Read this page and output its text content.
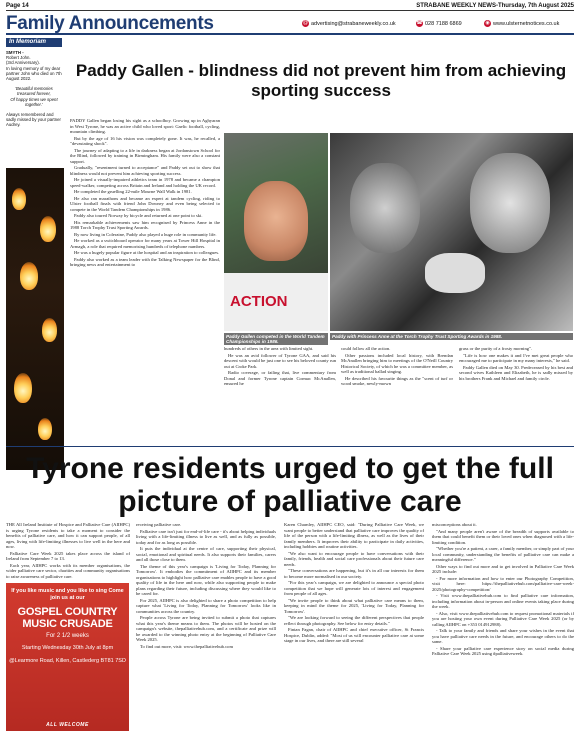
Page 14	STRABANE WEEKLY NEWS-Thursday, 7th August 2025
Family Announcements	@ advertising@strabaneweekly.co.uk	☎ 028 7188 6869	◉ www.ulsternetnotices.co.uk
In Memoriam
SMYTH -
Robert John.
(3rd Anniversary).
In loving memory of my dear partner John who died on 7th August 2022.
'Beautiful memories treasured forever,
Of happy times we spent together.'
Always remembered and sadly missed by your partner Audrey.
Paddy Gallen - blindness did not prevent him from achieving sporting success

PADDY Gallen began losing his sight as a schoolboy. Growing up in Aghyaran in West Tyrone, he was an active child who loved sport: Gaelic football, cycling, mountain climbing.

But by the age of 16 his vision was completely gone. It was, he recalled, a "devastating shock".

The journey of adapting to a life in darkness began at Jordanstown School for the Blind, followed by training in Birmingham. His family were also a constant support.

Gradually, "resentment turned to acceptance" and Paddy set out to show that blindness would not prevent him achieving sporting success.

He joined a visually-impaired athletics team in 1978 and became a champion speed-walker, competing across Britain and Ireland and holding the UK record.

He completed the gruelling 22-mile Mourne Wall Walk in 1981.

He also ran marathons and became an expert at tandem cycling, riding to Ulster football finals with friend John Downey and even being selected to compete in the World Tandem Championships in 1986.

Paddy also toured Norway by bicycle and returned at one point to ski.

His remarkable achievements saw him recognised by Princess Anne in the 1988 Torch Trophy Trust Sporting Awards.

By now living in Coleraine, Paddy also played a huge role in community life.

He worked as a switchboard operator for many years at Tower Hill Hospital in Armagh, a role that required memorising hundreds of telephone numbers.

He was a hugely popular figure at the hospital and an inspiration to colleagues.

Paddy also worked as a team leader with the Talking Newspaper for the Blind, bringing news and entertainment to

ACTION
Paddy Gallen competed in the World Tandem Championships in 1986.
Paddy with Princess Anne at the Torch Trophy Trust Sporting Awards in 1988.

hundreds of others in the area with limited sight.

He was an avid follower of Tyrone GAA, and said his descent with would be just one to see his beloved county run out at Croke Park.

Radio coverage, or failing that, live commentary from Donal and former Tyrone captain Cormac McAnallen, ensured he

could follow all the action.

Other passions included local history, with Brendan McAnallen bringing him to meetings of the O'Neill Country Historical Society, of which he was a committee member, as well as traditional ballad singing.

He described his favourite things as the "scent of turf or wood smoke, newly-mown

grass or the purity of a frosty morning".

"Life is how one makes it and I've met great people who encouraged me to participate in my many interests," he said.

Paddy Gallen died on May 30. Predeceased by his best and second wives Kathleen and Elizabeth, he is sadly missed by his brothers Frank and Michael and family circle.

Tyrone residents urged to get the full picture of palliative care

THE All Ireland Institute of Hospice and Palliative Care (AIIHPC) is urging Tyrone residents to take a moment to consider the benefits of palliative care, and how it can support people, of all ages, living with life-limiting illnesses to live well in the here and now.

Palliative Care Week 2025 takes place across the island of Ireland from September 7 to 13.

Each year, AIIHPC works with its member organisations, the wider palliative care sector, charities and community organisations to raise awareness of palliative care.

receiving palliative care.

Palliative care isn't just for end-of-life care - it's about helping individuals living with a life-limiting illness to live as well, and as fully as possible, today and for as long as possible.

It puts the individual at the centre of care, supporting their physical, social, emotional and spiritual needs. It also supports their families, carers and all those close to them.

The theme of this year's campaign is 'Living for Today, Planning for Tomorrow'. It embodies the commitment of AIIHPC and its member organisations to highlight how palliative care enables people to have a good quality of life in the here and now, while also supporting people to make plans regarding their future, including discussing where they would like to be cared for.

For 2025, AIIHPC is also delighted to share a photo competition to help capture what 'Living for Today, Planning for Tomorrow' looks like in communities across the country.

People across Tyrone are being invited to submit a photo that captures what this year's theme means to them. The photos will be hosted on the campaign's website, thepalliativehub.com, and a certificate and prize will be awarded to the winning photo entry at the beginning of Palliative Care Week 2025.

To find out more, visit: www.thepalliativehub.com

Karen Charnley, AIIHPC CEO, said: "During Palliative Care Week, we want people to better understand that palliative care improves the quality of life of the person with a life-limiting illness, as well as the lives of their family members. It improves their ability to participate in daily activities, including hobbies and routine activities.

"We also want to encourage people to have conversations with their family, friends, health and social care professionals about their future care needs.

"These conversations are happening, but it's in all our interests for them to become more normalised in our society.

"For this year's campaign, we are delighted to announce a special photo competition that we hope will generate lots of interest and engagement from people of all ages.

"We invite people to think about what palliative care means to them, keeping in mind the theme for 2025, 'Living for Today, Planning for Tomorrow'.

"We are looking forward to seeing the different perspectives that people reflect through photography. See below for entry details."

Fintan Fagan, chair of AIIHPC and chief executive officer, St Francis Hospice, Dublin, added: "Most of us will encounter palliative care at some stage in our lives, and there are still several

misconceptions about it.

"And many people aren't aware of the breadth of supports available to them that could benefit them or their loved ones when diagnosed with a life-limiting condition.

"Whether you're a patient, a carer, a family member, or simply part of your local community, understanding the benefits of palliative care can make a meaningful difference."

Other ways to find out more and to get involved in Palliative Care Week 2025 include:

- For more information and how to enter our Photography Competition, visit here: https://thepalliativehub.com/palliative-care-week-2025/photography-competition/

- Visit www.thepalliativehub.com to find palliative care information, including information about in-person and online events taking place during the week.

- Also, visit www.thepalliativehub.com to request promotional materials if you are hosting your own event during Palliative Care Week 2025 (or by calling AIIHPC on +353 014912988).

- Talk to your family and friends and share your wishes in the event that you have palliative care needs in the future, and encourage others to do the same.

- Share your palliative care experience story on social media during Palliative Care Week 2025 using #palliativeweek.

If you like music and you like to sing Come join us at our
GOSPEL COUNTRY MUSIC CRUSADE
For 2 1/2 weeks
Starting Wednesday 30th July at 8pm
@Learmore Road, Killen, Castlederg BT81 7SD
ALL WELCOME
